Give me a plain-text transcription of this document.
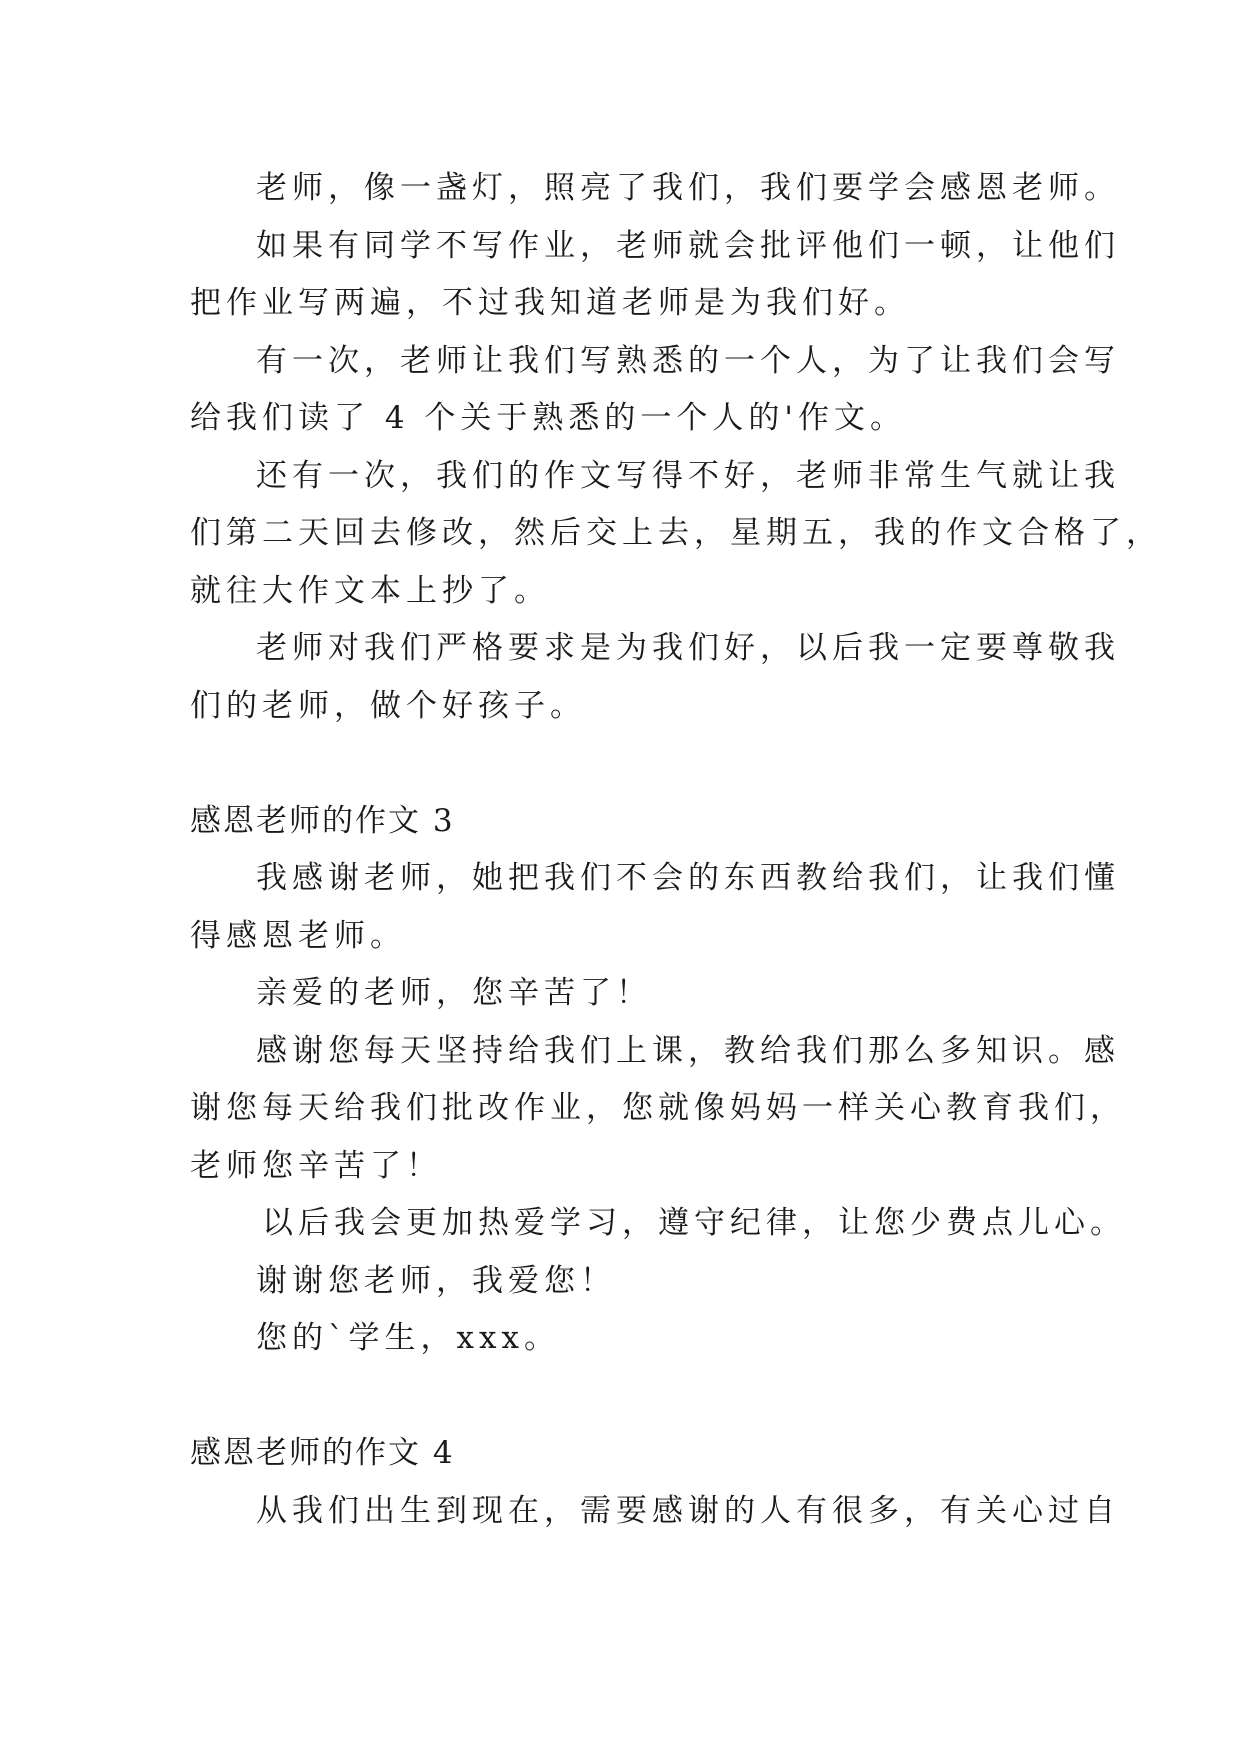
老师，像一盏灯，照亮了我们，我们要学会感恩老师。
如果有同学不写作业，老师就会批评他们一顿，让他们
把作业写两遍，不过我知道老师是为我们好。
有一次，老师让我们写熟悉的一个人，为了让我们会写
给我们读了 4 个关于熟悉的一个人的'作文。
还有一次，我们的作文写得不好，老师非常生气就让我
们第二天回去修改，然后交上去，星期五，我的作文合格了，
就往大作文本上抄了。
老师对我们严格要求是为我们好，以后我一定要尊敬我
们的老师，做个好孩子。
感恩老师的作文 3
我感谢老师，她把我们不会的东西教给我们，让我们懂
得感恩老师。
亲爱的老师，您辛苦了！
感谢您每天坚持给我们上课，教给我们那么多知识。感
谢您每天给我们批改作业，您就像妈妈一样关心教育我们，
老师您辛苦了！
以后我会更加热爱学习，遵守纪律，让您少费点儿心。
谢谢您老师，我爱您！
您的`学生，xxx。
感恩老师的作文 4
从我们出生到现在，需要感谢的人有很多，有关心过自
